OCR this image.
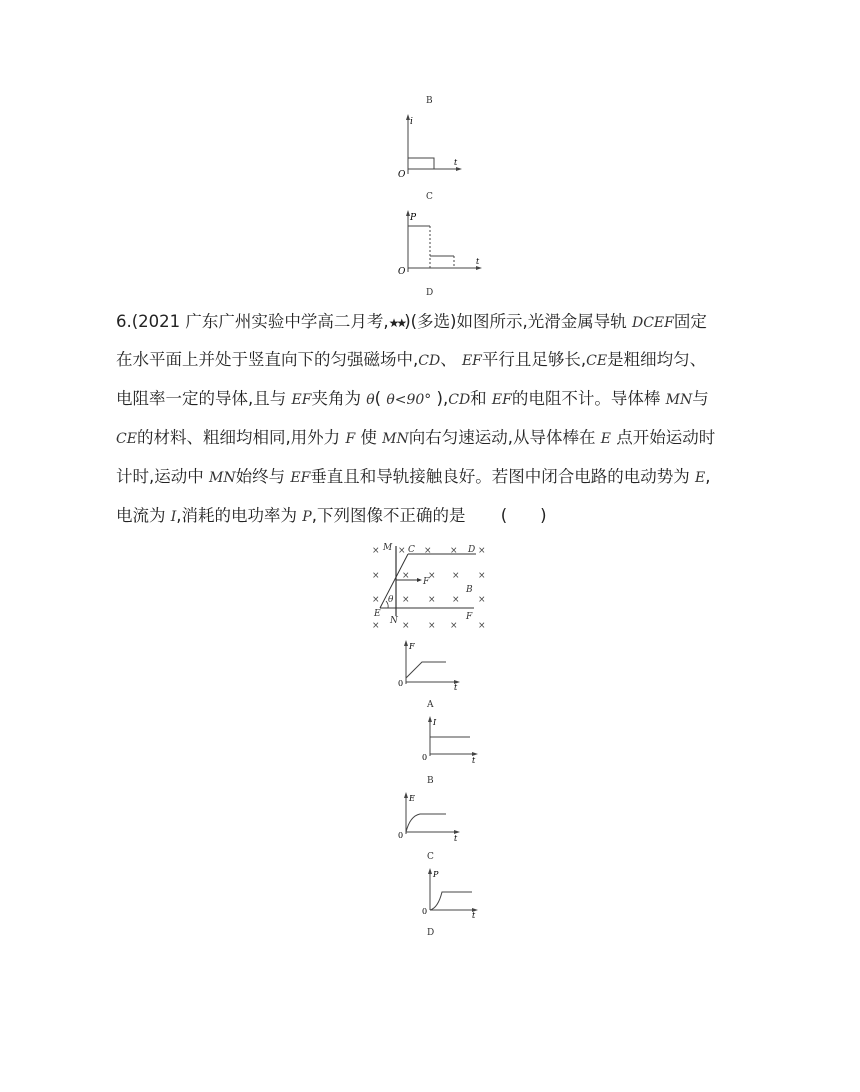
B
i
t
O
C
P
t
O
D
6.(2021 广东广州实验中学高二月考,★★)(多选)如图所示,光滑金属导轨 DCEF固定
在水平面上并处于竖直向下的匀强磁场中,CD、 EF平行且足够长,CE是粗细均匀、
电阻率一定的导体,且与 EF夹角为 θ( θ<90° ),CD和 EF的电阻不计。导体棒 MN与
CE的材料、粗细均相同,用外力 F 使 MN向右匀速运动,从导体棒在 E 点开始运动时
计时,运动中 MN始终与 EF垂直且和导轨接触良好。若图中闭合电路的电动势为 E,
电流为 I,消耗的电功率为 P,下列图像不正确的是 (　　)
× × × × ×
× × × × ×
× × × × ×
× × × × ×
M C	D
F
θ
B
E
N	F
F
t
0
A
I
t
0
B
E
t
0
C
P
t
0
D
